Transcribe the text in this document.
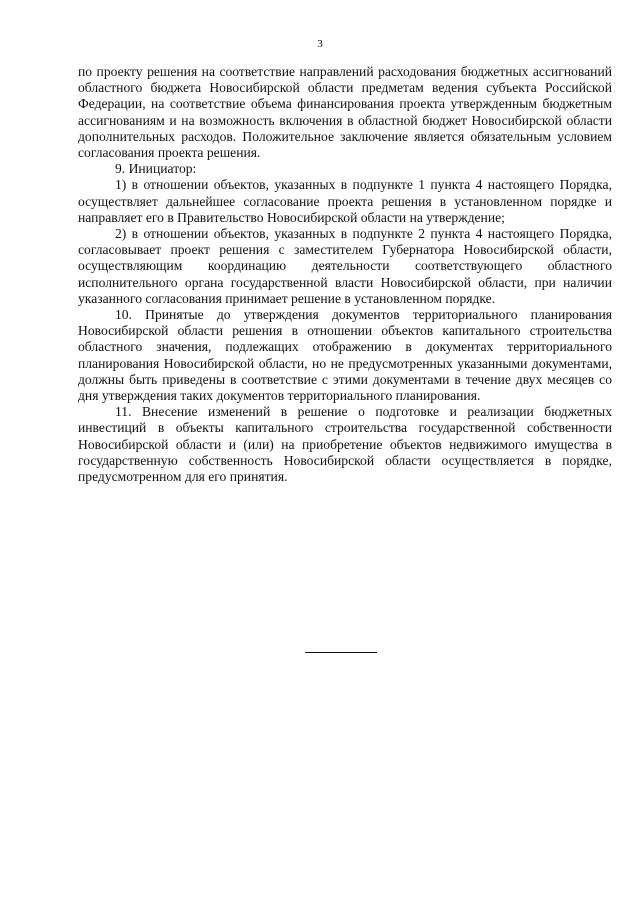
3

по проекту решения на соответствие направлений расходования бюджетных ассигнований областного бюджета Новосибирской области предметам ведения субъекта Российской Федерации, на соответствие объема финансирования проекта утвержденным бюджетным ассигнованиям и на возможность включения в областной бюджет Новосибирской области дополнительных расходов. Положительное заключение является обязательным условием согласования проекта решения.

9. Инициатор:

1) в отношении объектов, указанных в подпункте 1 пункта 4 настоящего Порядка, осуществляет дальнейшее согласование проекта решения в установленном порядке и направляет его в Правительство Новосибирской области на утверждение;

2) в отношении объектов, указанных в подпункте 2 пункта 4 настоящего Порядка, согласовывает проект решения с заместителем Губернатора Новосибирской области, осуществляющим координацию деятельности соответствующего областного исполнительного органа государственной власти Новосибирской области, при наличии указанного согласования принимает решение в установленном порядке.

10. Принятые до утверждения документов территориального планирования Новосибирской области решения в отношении объектов капитального строительства областного значения, подлежащих отображению в документах территориального планирования Новосибирской области, но не предусмотренных указанными документами, должны быть приведены в соответствие с этими документами в течение двух месяцев со дня утверждения таких документов территориального планирования.

11. Внесение изменений в решение о подготовке и реализации бюджетных инвестиций в объекты капитального строительства государственной собственности Новосибирской области и (или) на приобретение объектов недвижимого имущества в государственную собственность Новосибирской области осуществляется в порядке, предусмотренном для его принятия.
